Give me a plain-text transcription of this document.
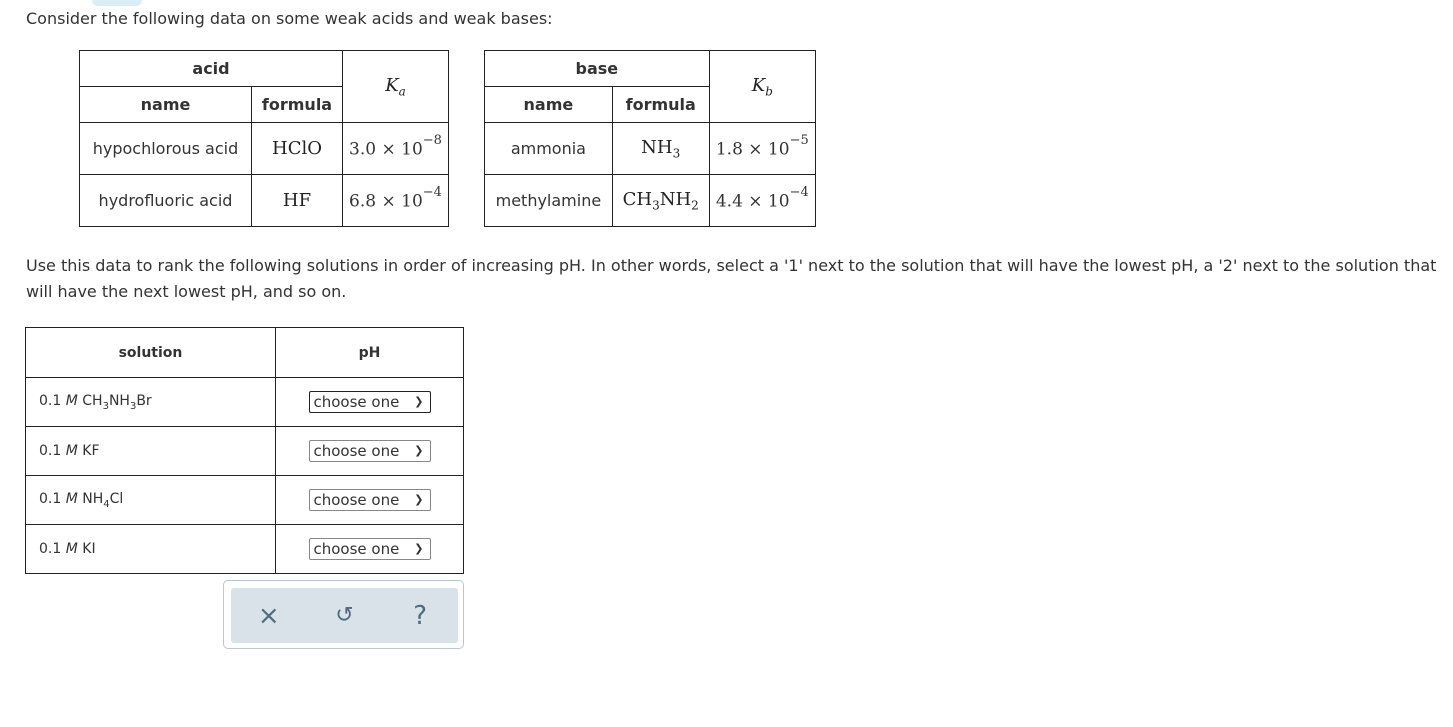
Consider the following data on some weak acids and weak bases:
acid		$K_a$
name	formula	
hypochlorous acid	HClO	$3.0 \times 10^{-8}$
hydrofluoric acid	HF	$6.8 \times 10^{-4}$
base		$K_b$
name	formula	
ammonia	$NH_3$	$1.8 \times 10^{-5}$
methylamine	$CH_3NH_2$	$4.4 \times 10^{-4}$
Use this data to rank the following solutions in order of increasing pH. In other words, select a '1' next to the solution that will have the lowest pH, a '2' next to the solution that will have the next lowest pH, and so on.
solution	pH
0.1 M $CH_3NH_3Br$	choose one ❯

0.1 M KF	choose one ❯

0.1 M $NH_4Cl$	choose one ❯

0.1 M KI	choose one ❯
×	↺	?
